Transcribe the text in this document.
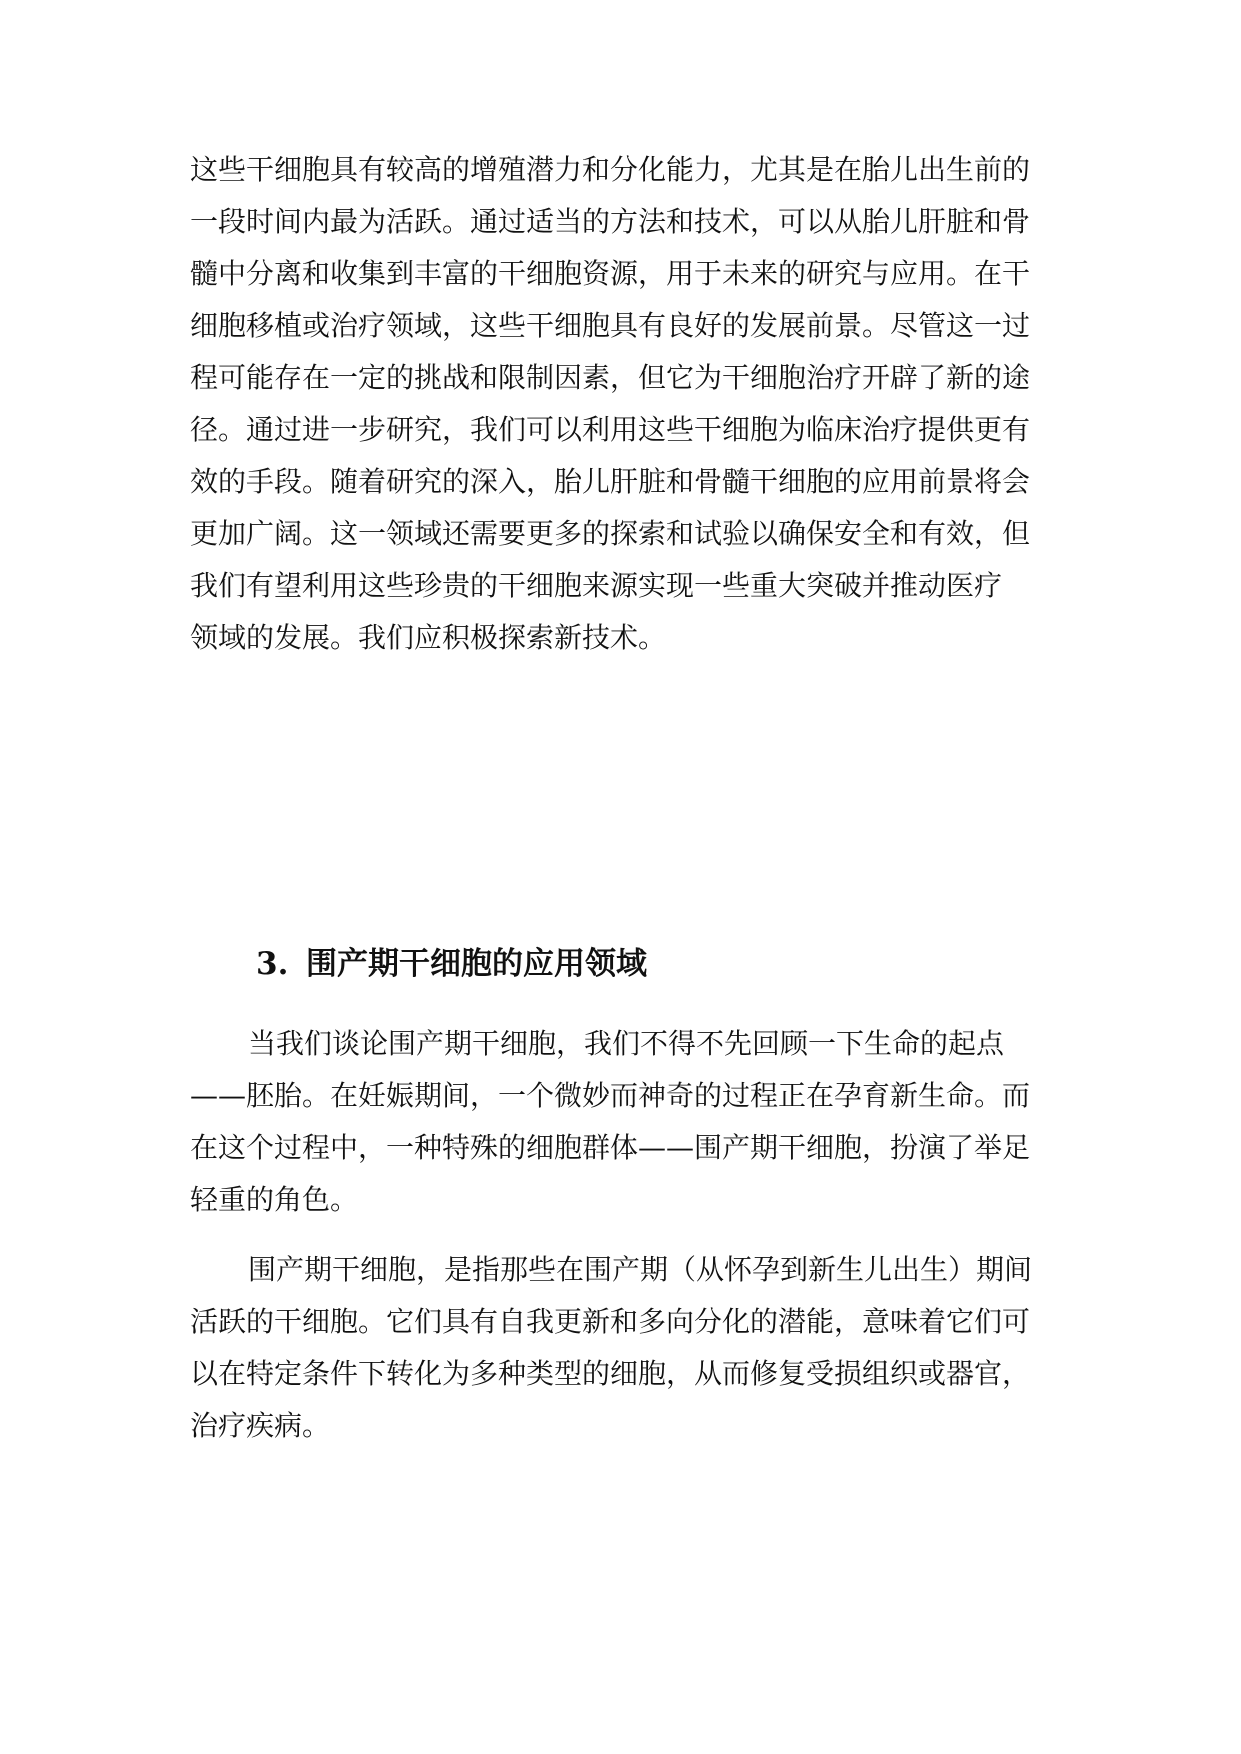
这些干细胞具有较高的增殖潜力和分化能力，尤其是在胎儿出生前的
一段时间内最为活跃。通过适当的方法和技术，可以从胎儿肝脏和骨
髓中分离和收集到丰富的干细胞资源，用于未来的研究与应用。在干
细胞移植或治疗领域，这些干细胞具有良好的发展前景。尽管这一过
程可能存在一定的挑战和限制因素，但它为干细胞治疗开辟了新的途
径。通过进一步研究，我们可以利用这些干细胞为临床治疗提供更有
效的手段。随着研究的深入，胎儿肝脏和骨髓干细胞的应用前景将会
更加广阔。这一领域还需要更多的探索和试验以确保安全和有效，但
我们有望利用这些珍贵的干细胞来源实现一些重大突破并推动医疗
领域的发展。我们应积极探索新技术。
3. 围产期干细胞的应用领域
当我们谈论围产期干细胞，我们不得不先回顾一下生命的起点
——胚胎。在妊娠期间，一个微妙而神奇的过程正在孕育新生命。而
在这个过程中，一种特殊的细胞群体——围产期干细胞，扮演了举足
轻重的角色。
围产期干细胞，是指那些在围产期（从怀孕到新生儿出生）期间
活跃的干细胞。它们具有自我更新和多向分化的潜能，意味着它们可
以在特定条件下转化为多种类型的细胞，从而修复受损组织或器官，
治疗疾病。
